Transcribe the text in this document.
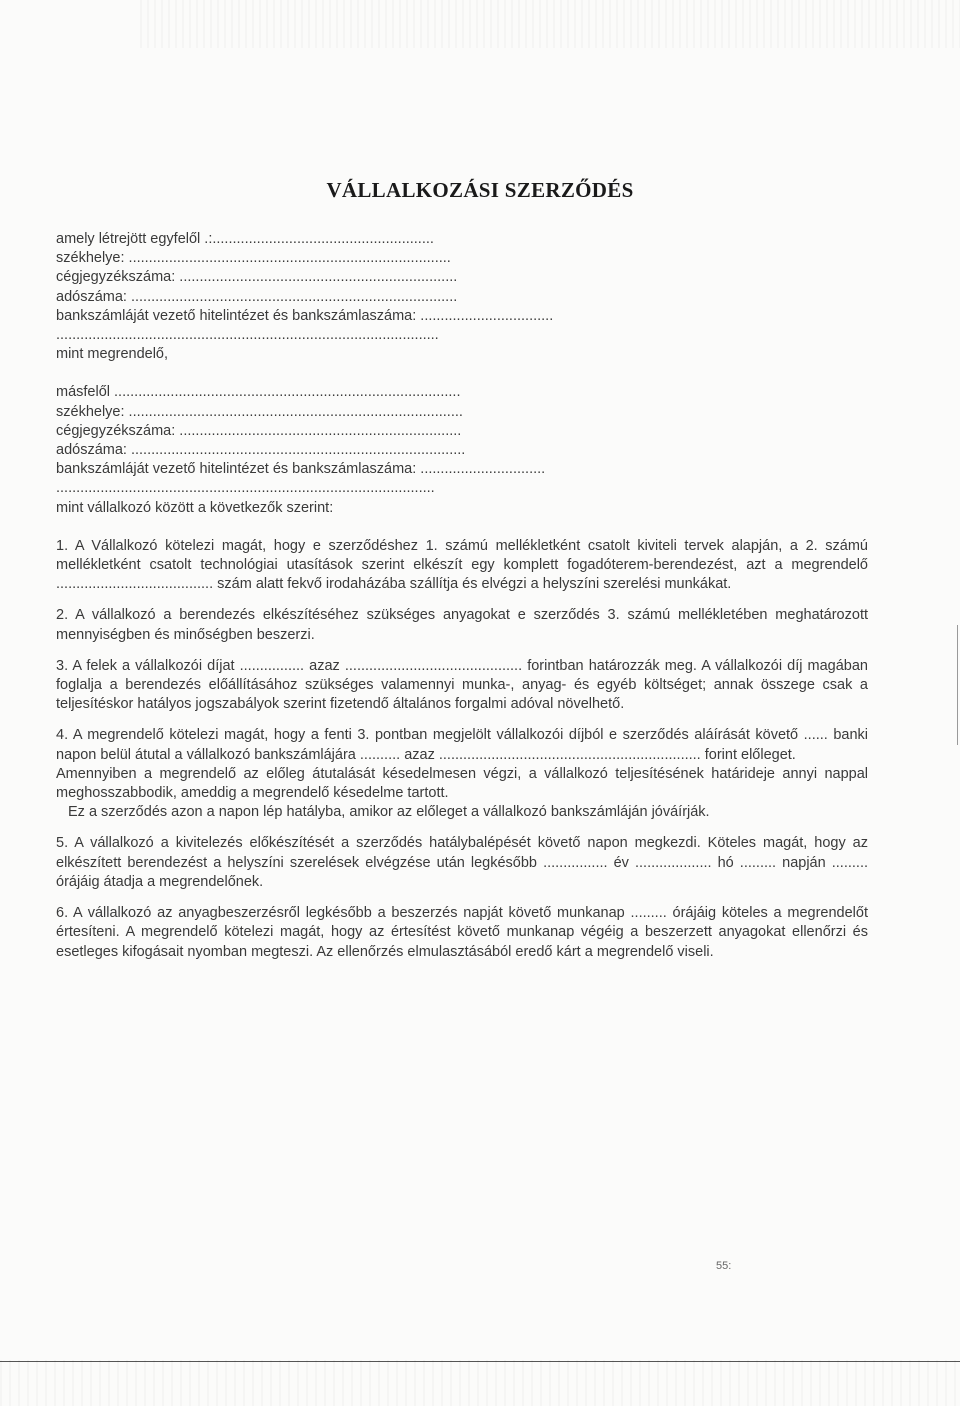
VÁLLALKOZÁSI SZERZŐDÉS
amely létrejött egyfelől .:.......................................................
székhelye: ................................................................................
cégjegyzékszáma: .....................................................................
adószáma: .................................................................................
bankszámláját vezető hitelintézet és bankszámlaszáma: .................................
...............................................................................................
mint megrendelő,
másfelől ......................................................................................
székhelye: ...................................................................................
cégjegyzékszáma: ......................................................................
adószáma: ...................................................................................
bankszámláját vezető hitelintézet és bankszámlaszáma: ...............................
..............................................................................................
mint vállalkozó között a következők szerint:
1. A Vállalkozó kötelezi magát, hogy e szerződéshez 1. számú mellékletként csatolt kiviteli tervek alapján, a 2. számú mellékletként csatolt technológiai utasítások szerint elkészít egy komplett fogadóterem-berendezést, azt a megrendelő ....................................... szám alatt fekvő irodaházába szállítja és elvégzi a helyszíni szerelési munkákat.
2. A vállalkozó a berendezés elkészítéséhez szükséges anyagokat e szerződés 3. számú mellékletében meghatározott mennyiségben és minőségben beszerzi.
3. A felek a vállalkozói díjat ................ azaz ............................................ forintban határozzák meg. A vállalkozói díj magában foglalja a berendezés előállításához szükséges valamennyi munka-, anyag- és egyéb költséget; annak összege csak a teljesítéskor hatályos jogszabályok szerint fizetendő általános forgalmi adóval növelhető.
4. A megrendelő kötelezi magát, hogy a fenti 3. pontban megjelölt vállalkozói díjból e szerződés aláírását követő ...... banki napon belül átutal a vállalkozó bankszámlájára .......... azaz ................................................................. forint előleget.
Amennyiben a megrendelő az előleg átutalását késedelmesen végzi, a vállalkozó teljesítésének határideje annyi nappal meghosszabbodik, ameddig a megrendelő késedelme tartott.
Ez a szerződés azon a napon lép hatályba, amikor az előleget a vállalkozó bankszámláján jóváírják.
5. A vállalkozó a kivitelezés előkészítését a szerződés hatálybalépését követő napon megkezdi. Köteles magát, hogy az elkészített berendezést a helyszíni szerelések elvégzése után legkésőbb ................ év ................... hó ......... napján ......... órájáig átadja a megrendelőnek.
6. A vállalkozó az anyagbeszerzésről legkésőbb a beszerzés napját követő munkanap ......... órájáig köteles a megrendelőt értesíteni. A megrendelő kötelezi magát, hogy az értesítést követő munkanap végéig a beszerzett anyagokat ellenőrzi és esetleges kifogásait nyomban megteszi. Az ellenőrzés elmulasztásából eredő kárt a megrendelő viseli.
55:
